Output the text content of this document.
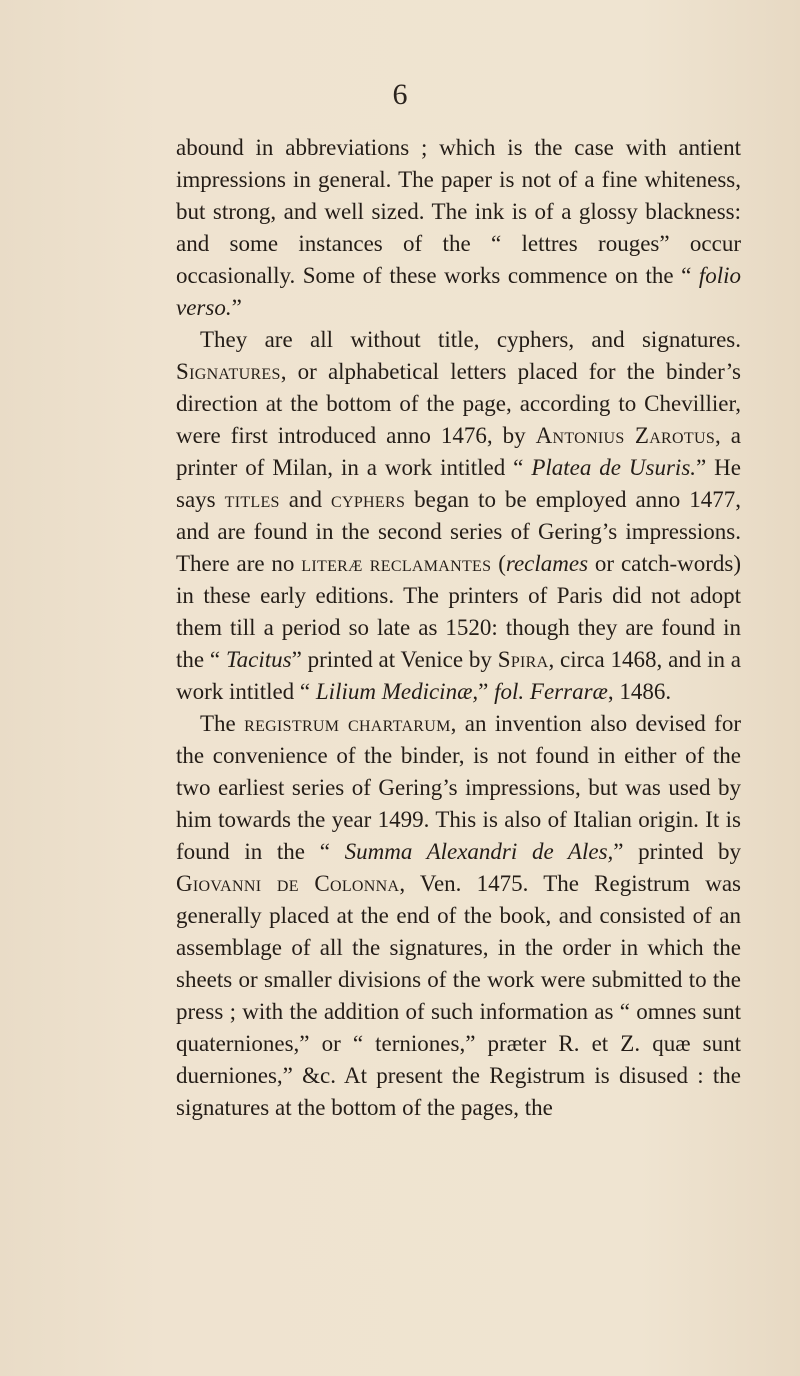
6

abound in abbreviations ; which is the case with antient impressions in general. The paper is not of a fine whiteness, but strong, and well sized. The ink is of a glossy blackness: and some instances of the “ lettres rouges” occur occasionally. Some of these works commence on the “ folio verso.”

They are all without title, cyphers, and signatures. Signatures, or alphabetical letters placed for the binder’s direction at the bottom of the page, according to Chevillier, were first introduced anno 1476, by Antonius Zarotus, a printer of Milan, in a work intitled “ Platea de Usuris.” He says titles and cyphers began to be employed anno 1477, and are found in the second series of Gering’s impressions. There are no literæ reclamantes (reclames or catch-words) in these early editions. The printers of Paris did not adopt them till a period so late as 1520: though they are found in the “ Tacitus” printed at Venice by Spira, circa 1468, and in a work intitled “ Lilium Medicinæ,” fol. Ferraræ, 1486.

The registrum chartarum, an invention also devised for the convenience of the binder, is not found in either of the two earliest series of Gering’s impressions, but was used by him towards the year 1499. This is also of Italian origin. It is found in the “ Summa Alexandri de Ales,” printed by Giovanni de Colonna, Ven. 1475. The Registrum was generally placed at the end of the book, and consisted of an assemblage of all the signatures, in the order in which the sheets or smaller divisions of the work were submitted to the press ; with the addition of such information as “ omnes sunt quaterniones,” or “ terniones,” præter R. et Z. quæ sunt duerniones,” &c. At present the Registrum is disused : the signatures at the bottom of the pages, the
